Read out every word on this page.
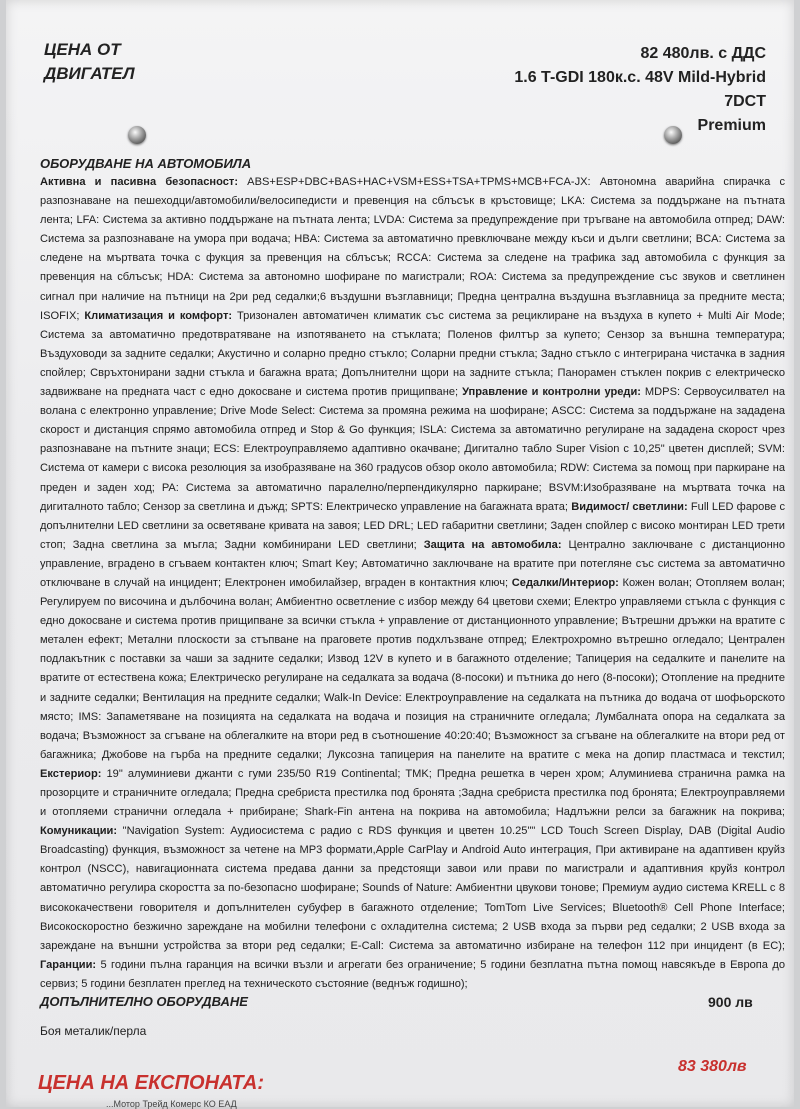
ЦЕНА ОТ
ДВИГАТЕЛ
82 480лв. с ДДС
1.6 T-GDI 180к.с. 48V Mild-Hybrid
7DCT
Premium
ОБОРУДВАНЕ НА АВТОМОБИЛА
Активна и пасивна безопасност: ABS+ESP+DBC+BAS+HAC+VSM+ESS+TSA+TPMS+MCB+FCA-JX: Автономна аварийна спирачка с разпознаване на пешеходци/автомобили/велосипедисти и превенция на сблъсък в кръстовище; LKA: Система за поддържане на пътната лента; LFA: Система за активно поддържане на пътната лента; LVDA: Система за предупреждение при тръгване на автомобила отпред; DAW: Система за разпознаване на умора при водача; HBA: Система за автоматично превключване между къси и дълги светлини; BCA: Система за следене на мъртвата точка с фукция за превенция на сблъсък; RCCA: Система за следене на трафика зад автомобила с функция за превенция на сблъсък; HDA: Система за автономно шофиране по магистрали; ROA: Система за предупреждение със звуков и светлинен сигнал при наличие на пътници на 2ри ред седалки;6 въздушни възглавници; Предна централна въздушна възглавница за предните места; ISOFIX; Климатизация и комфорт: Тризонален автоматичен климатик със система за рециклиране на въздуха в купето + Multi Air Mode; Система за автоматично предотвратяване на изпотяването на стъклата; Поленов филтър за купето; Сензор за външна температура; Въздуховоди за задните седалки; Акустично и соларно предно стъкло; Соларни предни стъкла; Задно стъкло с интегрирана чистачка в задния спойлер; Свръхтонирани задни стъкла и багажна врата; Допълнителни щори на задните стъкла; Панорамен стъклен покрив с електрическо задвижване на предната част с едно докосване и система против прищипване; Управление и контролни уреди: MDPS: Сервоусилвател на волана с електронно управление; Drive Mode Select: Система за промяна режима на шофиране; ASCC: Система за поддържане на зададена скорост и дистанция спрямо автомобила отпред и Stop & Go функция; ISLA: Система за автоматично регулиране на зададена скорост чрез разпознаване на пътните знаци; ECS: Електроуправляемо адаптивно окачване; Дигитално табло Super Vision с 10,25" цветен дисплей; SVM: Система от камери с висока резолюция за изобразяване на 360 градусов обзор около автомобила; RDW: Система за помощ при паркиране на преден и заден ход; PA: Система за автоматично паралелно/перпендикулярно паркиране; BSVM:Изобразяване на мъртвата точка на дигиталното табло; Сензор за светлина и дъжд; SPTS: Електрическо управление на багажната врата; Видимост/ светлини: Full LED фарове с допълнителни LED светлини за осветяване кривата на завоя; LED DRL; LED габаритни светлини; Заден спойлер с високо монтиран LED трети стоп; Задна светлина за мъгла; Задни комбинирани LED светлини; Защита на автомобила: Централно заключване с дистанционно управление, вградено в сгъваем контактен ключ; Smart Key; Автоматично заключване на вратите при потегляне със система за автоматично отключване в случай на инцидент; Електронен имобилайзер, вграден в контактния ключ; Седалки/Интериор: Кожен волан; Отопляем волан; Регулируем по височина и дълбочина волан; Амбиентно осветление с избор между 64 цветови схеми; Електро управляеми стъкла с функция с едно докосване и система против прищипване за всички стъкла + управление от дистанционното управление; Вътрешни дръжки на вратите с метален ефект; Метални плоскости за стъпване на праговете против подхлъзване отпред; Електрохромно вътрешно огледало; Централен подлакътник с поставки за чаши за задните седалки; Извод 12V в купето и в багажното отделение; Тапицерия на седалките и панелите на вратите от естествена кожа; Електрическо регулиране на седалката за водача (8-посоки) и пътника до него (8-посоки); Отопление на предните и задните седалки; Вентилация на предните седалки; Walk-In Device: Електроуправление на седалката на пътника до водача от шофьорското място; IMS: Запаметяване на позицията на седалката на водача и позиция на страничните огледала; Лумбалната опора на седалката за водача; Възможност за сгъване на облегалките на втори ред в съотношение 40:20:40; Възможност за сгъване на облегалките на втори ред от багажника; Джобове на гърба на предните седалки; Луксозна тапицерия на панелите на вратите с мека на допир пластмаса и текстил; Екстериор: 19" алуминиеви джанти с гуми 235/50 R19 Continental; TMK; Предна решетка в черен хром; Алуминиева странична рамка на прозорците и страничните огледала; Предна сребриста престилка под бронята ;Задна сребриста престилка под бронята; Електроуправляеми и отопляеми странични огледала + прибиране; Shark-Fin антена на покрива на автомобила; Надлъжни релси за багажник на покрива; Комуникации: "Navigation System: Аудиосистема с радио с RDS функция и цветен 10.25"" LCD Touch Screen Display, DAB (Digital Audio Broadcasting) функция, възможност за четене на MP3 формати,Apple CarPlay и Android Auto интеграция, При активиране на адаптивен круйз контрол (NSCC), навигационната система предава данни за предстоящи завои или прави по магистрали и адаптивния круйз контрол автоматично регулира скоростта за по-безопасно шофиране; Sounds of Nature: Амбиентни цвукови тонове; Премиум аудио система KRELL с 8 висококачествени говорителя и допълнителен субуфер в багажното отделение; TomTom Live Services; Bluetooth® Cell Phone Interface; Високоскоростно безжично зареждане на мобилни телефони с охладителна система; 2 USB входа за първи ред седалки; 2 USB входа за зареждане на външни устройства за втори ред седалки; E-Call: Система за автоматично избиране на телефон 112 при инцидент (в ЕС); Гаранции: 5 години пълна гаранция на всички възли и агрегати без ограничение; 5 години безплатна пътна помощ навсякъде в Европа до сервиз; 5 години безплатен преглед на техническото състояние (веднъж годишно);
ДОПЪЛНИТЕЛНО ОБОРУДВАНЕ	900 лв
Боя металик/перла
83 380лв
ЦЕНА НА ЕКСПОНАТА:
...Мотор Трейд Комерс КО ЕАД
